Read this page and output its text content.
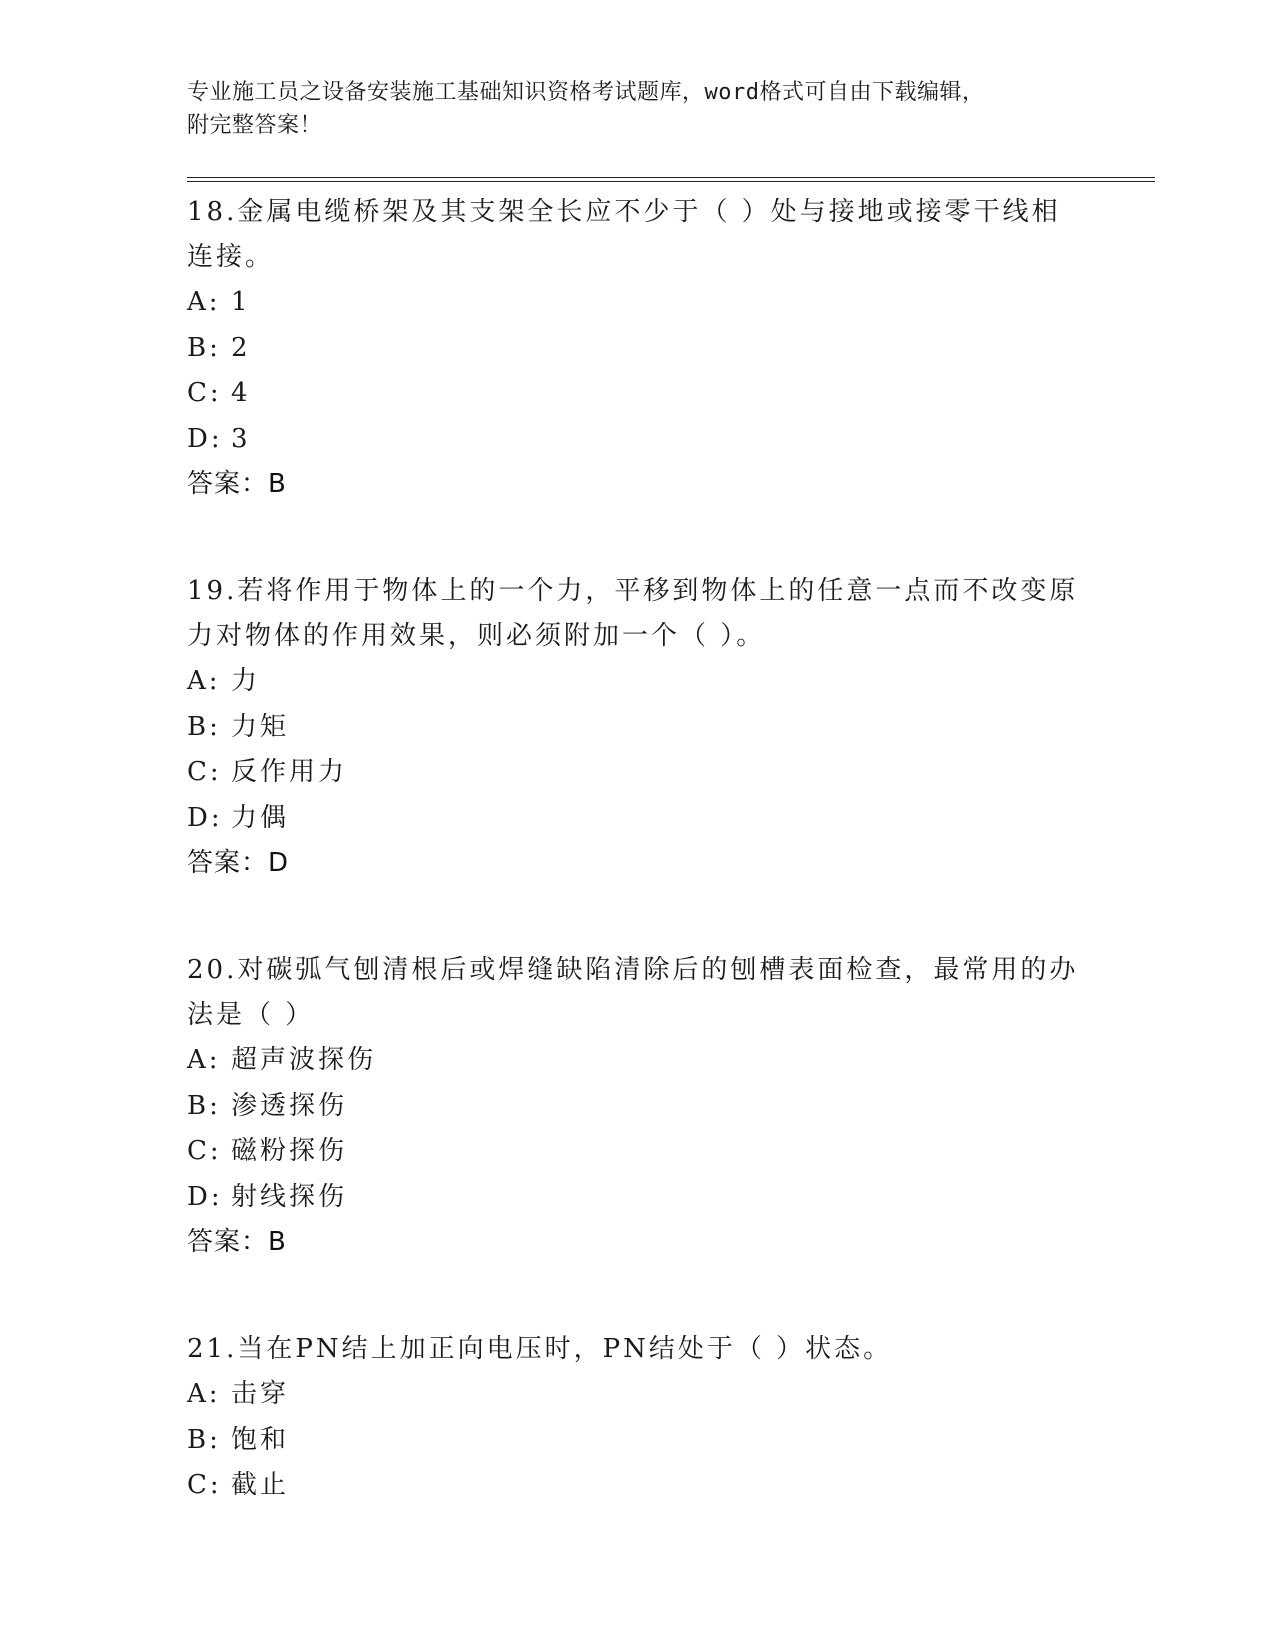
专业施工员之设备安装施工基础知识资格考试题库，word格式可自由下载编辑，
附完整答案！

18.金属电缆桥架及其支架全长应不少于（ ）处与接地或接零干线相连接。

A: 1

B: 2

C: 4

D: 3

答案：B

19.若将作用于物体上的一个力，平移到物体上的任意一点而不改变原力对物体的作用效果，则必须附加一个（ ）。

A: 力

B: 力矩

C: 反作用力

D: 力偶

答案：D

20.对碳弧气刨清根后或焊缝缺陷清除后的刨槽表面检查，最常用的办法是（ ）

A: 超声波探伤

B: 渗透探伤

C: 磁粉探伤

D: 射线探伤

答案：B

21.当在PN结上加正向电压时，PN结处于（ ）状态。

A: 击穿

B: 饱和

C: 截止
